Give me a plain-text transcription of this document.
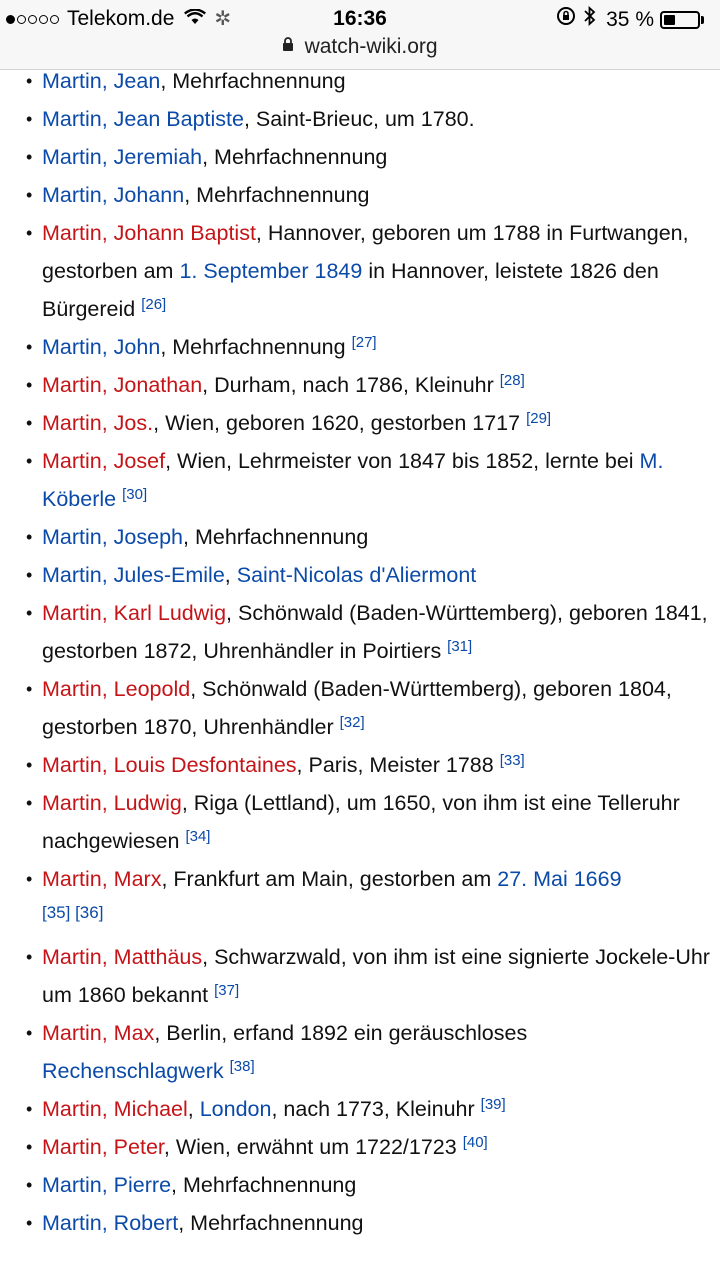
Telekom.de ✲	16:36	35 %
watch-wiki.org
• Martin, Jean, Mehrfachnennung
• Martin, Jean Baptiste, Saint-Brieuc, um 1780.
• Martin, Jeremiah, Mehrfachnennung
• Martin, Johann, Mehrfachnennung
• Martin, Johann Baptist, Hannover, geboren um 1788 in Furtwangen, gestorben am 1. September 1849 in Hannover, leistete 1826 den Bürgereid [26]
• Martin, John, Mehrfachnennung [27]
• Martin, Jonathan, Durham, nach 1786, Kleinuhr [28]
• Martin, Jos., Wien, geboren 1620, gestorben 1717 [29]
• Martin, Josef, Wien, Lehrmeister von 1847 bis 1852, lernte bei M. Köberle [30]
• Martin, Joseph, Mehrfachnennung
• Martin, Jules-Emile, Saint-Nicolas d'Aliermont
• Martin, Karl Ludwig, Schönwald (Baden-Württemberg), geboren 1841, gestorben 1872, Uhrenhändler in Poirtiers [31]
• Martin, Leopold, Schönwald (Baden-Württemberg), geboren 1804, gestorben 1870, Uhrenhändler [32]
• Martin, Louis Desfontaines, Paris, Meister 1788 [33]
• Martin, Ludwig, Riga (Lettland), um 1650, von ihm ist eine Telleruhr nachgewiesen [34]
• Martin, Marx, Frankfurt am Main, gestorben am 27. Mai 1669
[35] [36]
• Martin, Matthäus, Schwarzwald, von ihm ist eine signierte Jockele-Uhr um 1860 bekannt [37]
• Martin, Max, Berlin, erfand 1892 ein geräuschloses Rechenschlagwerk [38]
• Martin, Michael, London, nach 1773, Kleinuhr [39]
• Martin, Peter, Wien, erwähnt um 1722/1723 [40]
• Martin, Pierre, Mehrfachnennung
• Martin, Robert, Mehrfachnennung
